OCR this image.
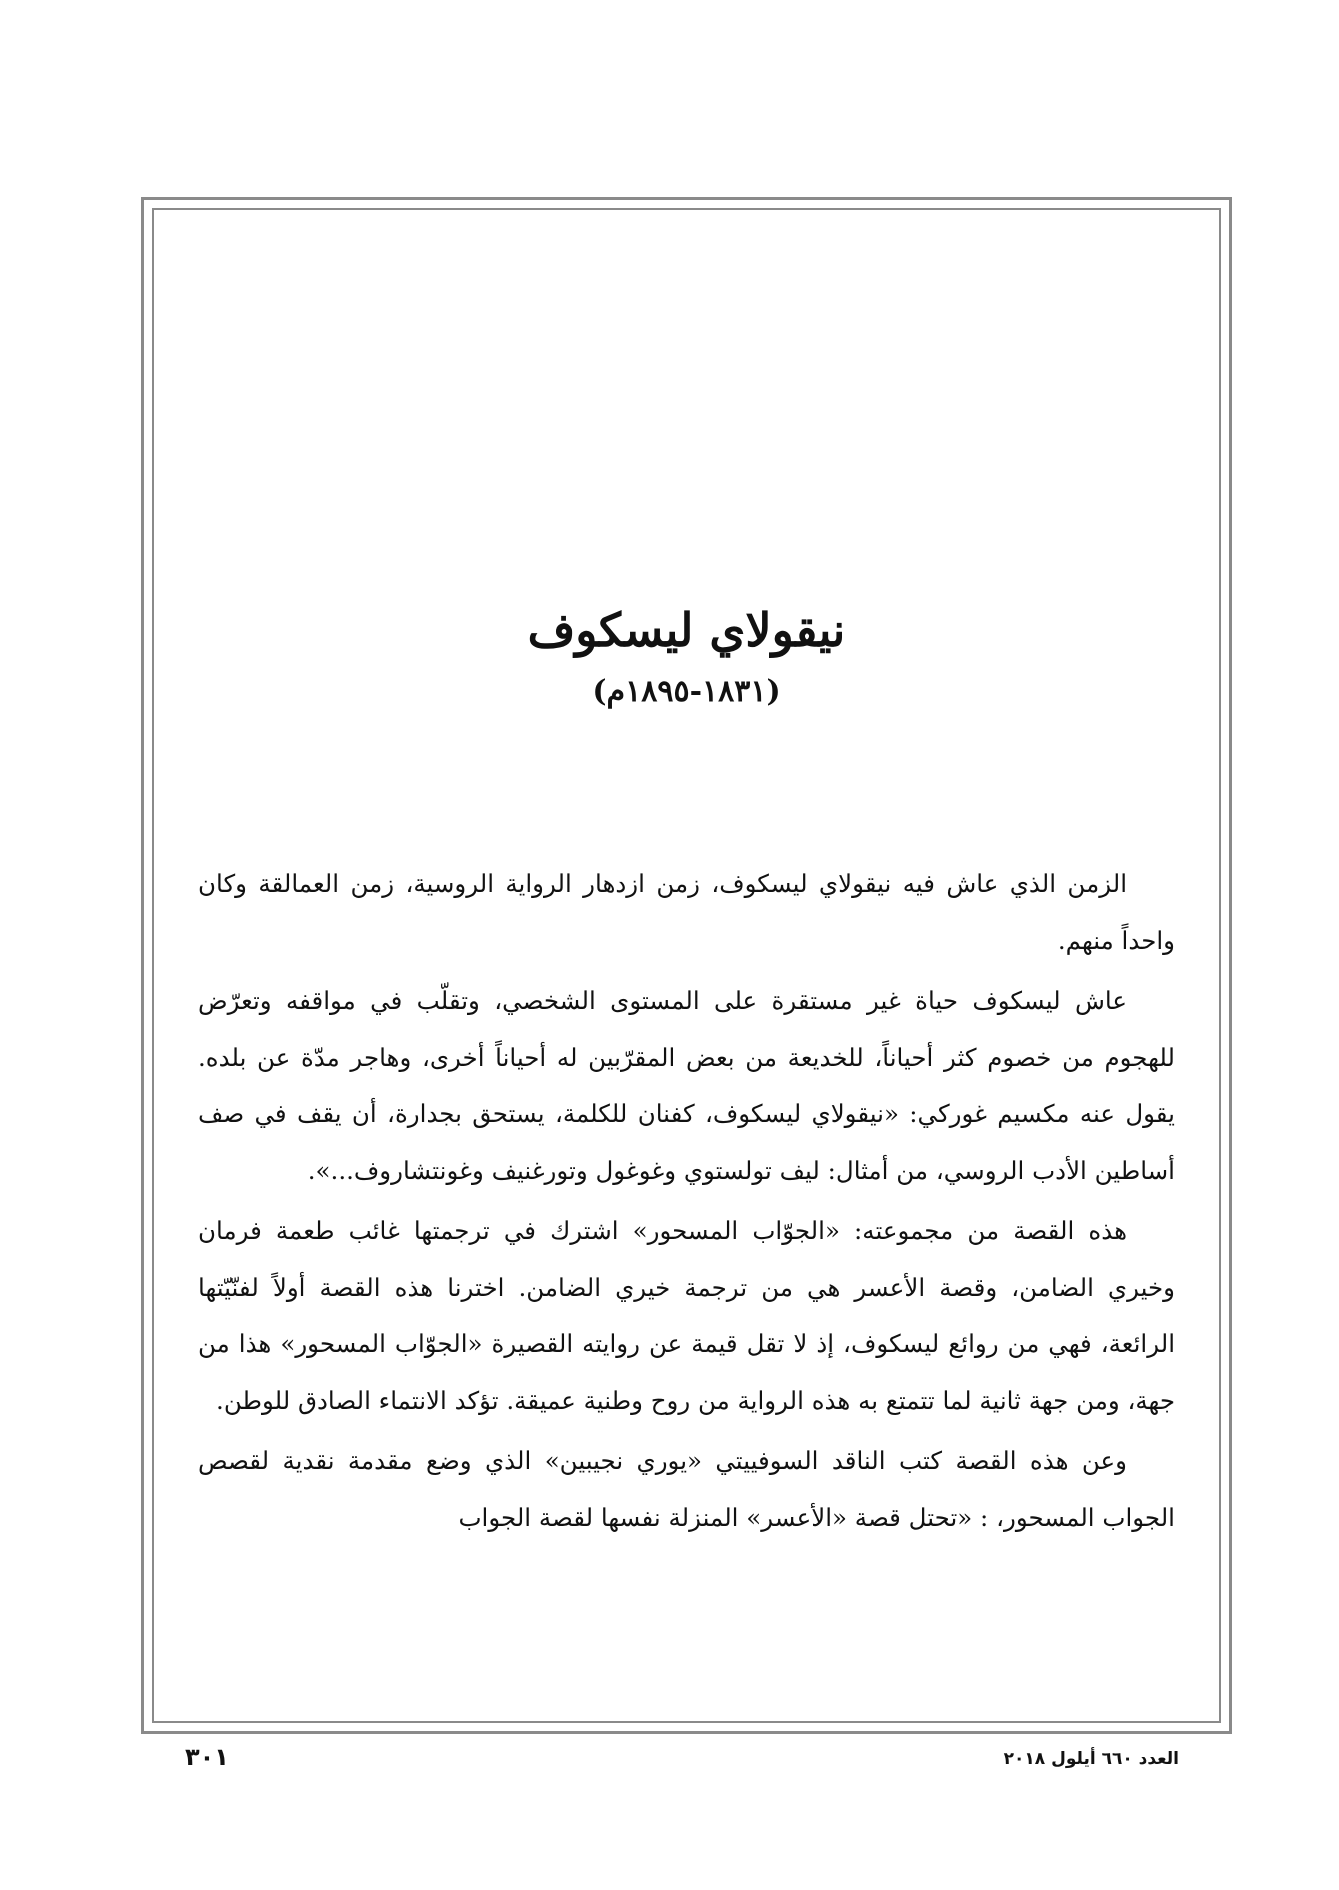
نيقولاي ليسكوف
(١٨٣١-١٨٩٥م)

الزمن الذي عاش فيه نيقولاي ليسكوف، زمن ازدهار الرواية الروسية، زمن العمالقة وكان واحداً منهم.

عاش ليسكوف حياة غير مستقرة على المستوى الشخصي، وتقلّب في مواقفه وتعرّض للهجوم من خصوم كثر أحياناً، للخديعة من بعض المقرّبين له أحياناً أخرى، وهاجر مدّة عن بلده. يقول عنه مكسيم غوركي: «نيقولاي ليسكوف، كفنان للكلمة، يستحق بجدارة، أن يقف في صف أساطين الأدب الروسي، من أمثال: ليف تولستوي وغوغول وتورغنيف وغونتشاروف...».

هذه القصة من مجموعته: «الجوّاب المسحور» اشترك في ترجمتها غائب طعمة فرمان وخيري الضامن، وقصة الأعسر هي من ترجمة خيري الضامن. اخترنا هذه القصة أولاً لفنّيّتها الرائعة، فهي من روائع ليسكوف، إذ لا تقل قيمة عن روايته القصيرة «الجوّاب المسحور» هذا من جهة، ومن جهة ثانية لما تتمتع به هذه الرواية من روح وطنية عميقة. تؤكد الانتماء الصادق للوطن.

وعن هذه القصة كتب الناقد السوفييتي «يوري نجيبين» الذي وضع مقدمة نقدية لقصص الجواب المسحور، : «تحتل قصة «الأعسر» المنزلة نفسها لقصة الجواب

العدد ٦٦٠ أيلول ٢٠١٨
٣٠١
